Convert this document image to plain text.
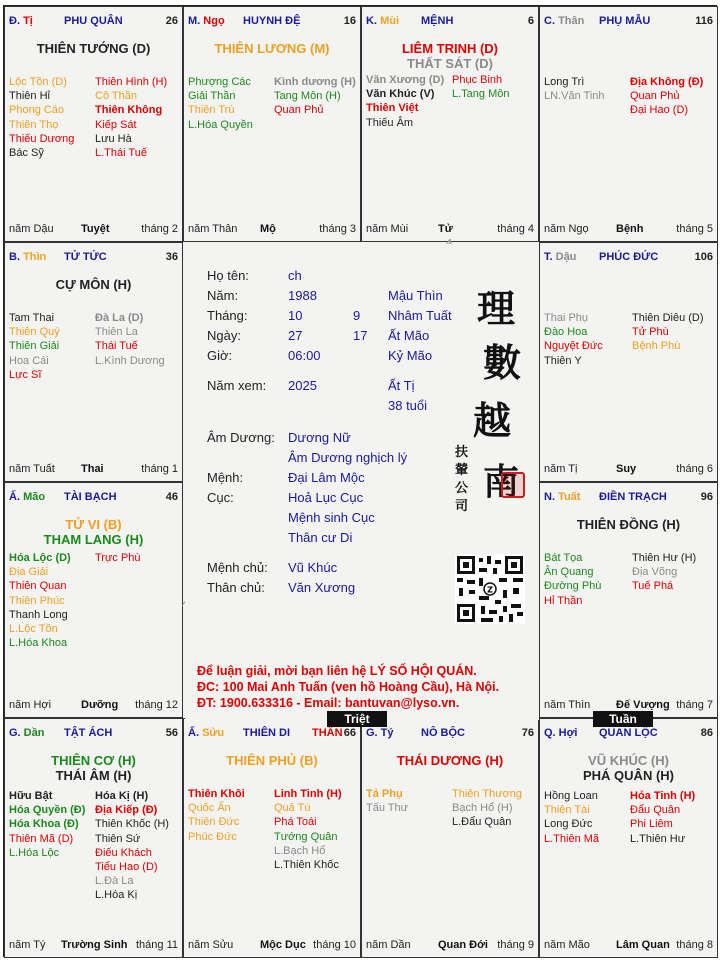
Đ. Tị	PHU QUÂN	26
THIÊN TƯỚNG (D)
Lộc Tồn (D)
Thiên Hỉ
Phong Cáo
Thiên Thọ
Thiếu Dương
Bác Sỹ
Thiên Hình (H)
Cô Thần
Thiên Không
Kiếp Sát
Lưu Hà
L.Thái Tuế
năm Dậu Tuyệt	tháng 2
M. Ngọ HUYNH ĐỆ	16
THIÊN LƯƠNG (M)
Phượng Các
Giải Thần
Thiên Trù
L.Hóa Quyền
Kình dương (H)
Tang Môn (H)
Quan Phủ
năm Thân Mộ	tháng 3
K. Mùi MỆNH	6
LIÊM TRINH (D)
THẤT SÁT (D)
Văn Xương (D)
Văn Khúc (V)
Thiên Việt
Thiếu Âm
Phục Binh
L.Tang Môn
năm Mùi	Tử	tháng 4
C. Thân PHỤ MẪU	116
Long Trì
LN.Văn Tinh
Địa Không (Đ)
Quan Phủ
Đại Hao (D)
năm Ngọ Bệnh	tháng 5
B. Thìn TỬ TỨC	36
CỰ MÔN (H)
Tam Thai
Thiên Quý
Thiên Giải
Hoa Cái
Lực Sĩ
Đà La (D)
Thiên La
Thái Tuế
L.Kình Dương
năm Tuất Thai	tháng 1
T. Dậu PHÚC ĐỨC	106
Thai Phụ
Đào Hoa
Nguyệt Đức
Thiên Y
Thiên Diêu (D)
Tử Phù
Bệnh Phù
năm Tị	Suy	tháng 6
Ấ. Mão TÀI BẠCH	46
TỬ VI (B)
THAM LANG (H)
Hóa Lộc (D)
Địa Giải
Thiên Quan
Thiên Phúc
Thanh Long
L.Lộc Tồn
L.Hóa Khoa
Trực Phù
năm Hợi	Dưỡng tháng 12
N. Tuất ĐIỀN TRẠCH	96
THIÊN ĐỒNG (H)
Bát Tọa
Ân Quang
Đường Phù
Hỉ Thần
Thiên Hư (H)
Địa Võng
Tuế Phá
năm Thìn Đế Vượng tháng 7
G. Dần TẬT ÁCH	56
THIÊN CƠ (H)
THÁI ÂM (H)
Hữu Bật
Hóa Quyền (Đ)
Hóa Khoa (Đ)
Thiên Mã (D)
L.Hóa Lộc
Hóa Kị (H)
Địa Kiếp (Đ)
Thiên Khốc (H)
Thiên Sứ
Điếu Khách
Tiểu Hao (D)
L.Đà La
L.Hóa Kị
năm Tý Trường Sinh tháng 11
Ấ. Sửu THIÊN DI THÂN 66
THIÊN PHỦ (B)
Thiên Khôi
Quốc Ấn
Thiên Đức
Phúc Đức
Linh Tinh (H)
Quả Tú
Phá Toái
Tướng Quân
L.Bạch Hổ
L.Thiên Khốc
năm Sửu Mộc Dục tháng 10
G. Tý NÔ BỘC	76
THÁI DƯƠNG (H)
Tả Phụ
Tấu Thư
Thiên Thương
Bạch Hổ (H)
L.Đẩu Quân
năm Dần Quan Đới tháng 9
Q. Hợi QUAN LỘC	86
VŨ KHÚC (H)
PHÁ QUÂN (H)
Hồng Loan
Thiên Tài
Long Đức
L.Thiên Mã
Hỏa Tinh (H)
Đẩu Quân
Phi Liêm
L.Thiên Hư
năm Mão Lâm Quan tháng 8
Họ tên:	ch
Năm:	1988	Mậu Thìn
Tháng:	10	9 Nhâm Tuất
Ngày:	27	17 Ất Mão
Giờ:	06:00	Kỷ Mão
Năm xem: 2025	Ất Tị
38 tuổi
Âm Dương: Dương Nữ
Âm Dương nghịch lý
Mệnh:	Đại Lâm Mộc
Cục:	Hoả Lục Cục
Mệnh sinh Cục
Thân cư Di
Mệnh chủ: Vũ Khúc
Thân chủ: Văn Xương
理
數
越
南
扶
輦
公
司
Z
Để luận giải, mời bạn liên hệ LÝ SỐ HỘI QUÁN.
ĐC: 100 Mai Anh Tuấn (ven hồ Hoàng Cầu), Hà Nội.
ĐT: 1900.633316 - Email: bantuvan@lyso.vn.
Triệt	Tuần
